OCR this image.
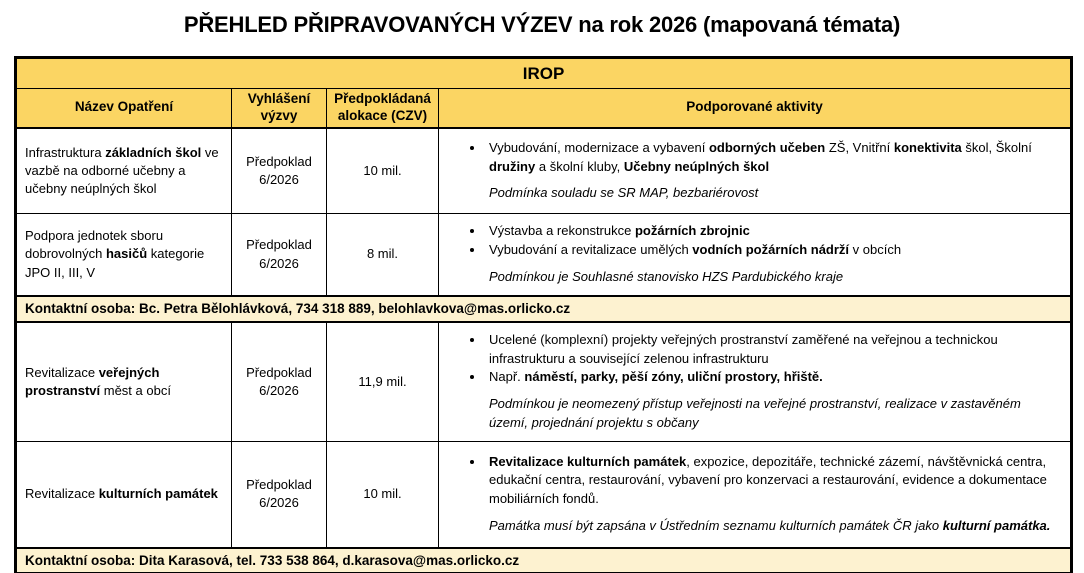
PŘEHLED PŘIPRAVOVANÝCH VÝZEV na rok 2026 (mapovaná témata)
IROP			
Název Opatření	Vyhlášení výzvy	Předpokládaná alokace (CZV)	Podporované aktivity
Infrastruktura základních škol ve vazbě na odborné učebny a učebny neúplných škol	Předpoklad 6/2026	10 mil.	
• Vybudování, modernizace a vybavení odborných učeben ZŠ, Vnitřní konektivita škol, Školní družiny a školní kluby, Učebny neúplných škol
Podmínka souladu se SR MAP, bezbariérovost

Podpora jednotek sboru dobrovolných hasičů kategorie JPO II, III, V	Předpoklad 6/2026	8 mil.	
• Výstavba a rekonstrukce požárních zbrojnic
• Vybudování a revitalizace umělých vodních požárních nádrží v obcích
Podmínkou je Souhlasné stanovisko HZS Pardubického kraje

Kontaktní osoba: Bc. Petra Bělohlávková, 734 318 889, belohlavkova@mas.orlicko.cz			
Revitalizace veřejných prostranství měst a obcí	Předpoklad 6/2026	11,9 mil.	
• Ucelené (komplexní) projekty veřejných prostranství zaměřené na veřejnou a technickou infrastrukturu a související zelenou infrastrukturu
• Např. náměstí, parky, pěší zóny, uliční prostory, hřiště.
Podmínkou je neomezený přístup veřejnosti na veřejné prostranství, realizace v zastavěném území, projednání projektu s občany

Revitalizace kulturních památek	Předpoklad 6/2026	10 mil.	
• Revitalizace kulturních památek, expozice, depozitáře, technické zázemí, návštěvnická centra, edukační centra, restaurování, vybavení pro konzervaci a restaurování, evidence a dokumentace mobiliárních fondů.
Památka musí být zapsána v Ústředním seznamu kulturních památek ČR jako kulturní památka.

Kontaktní osoba: Dita Karasová, tel. 733 538 864, d.karasova@mas.orlicko.cz			
